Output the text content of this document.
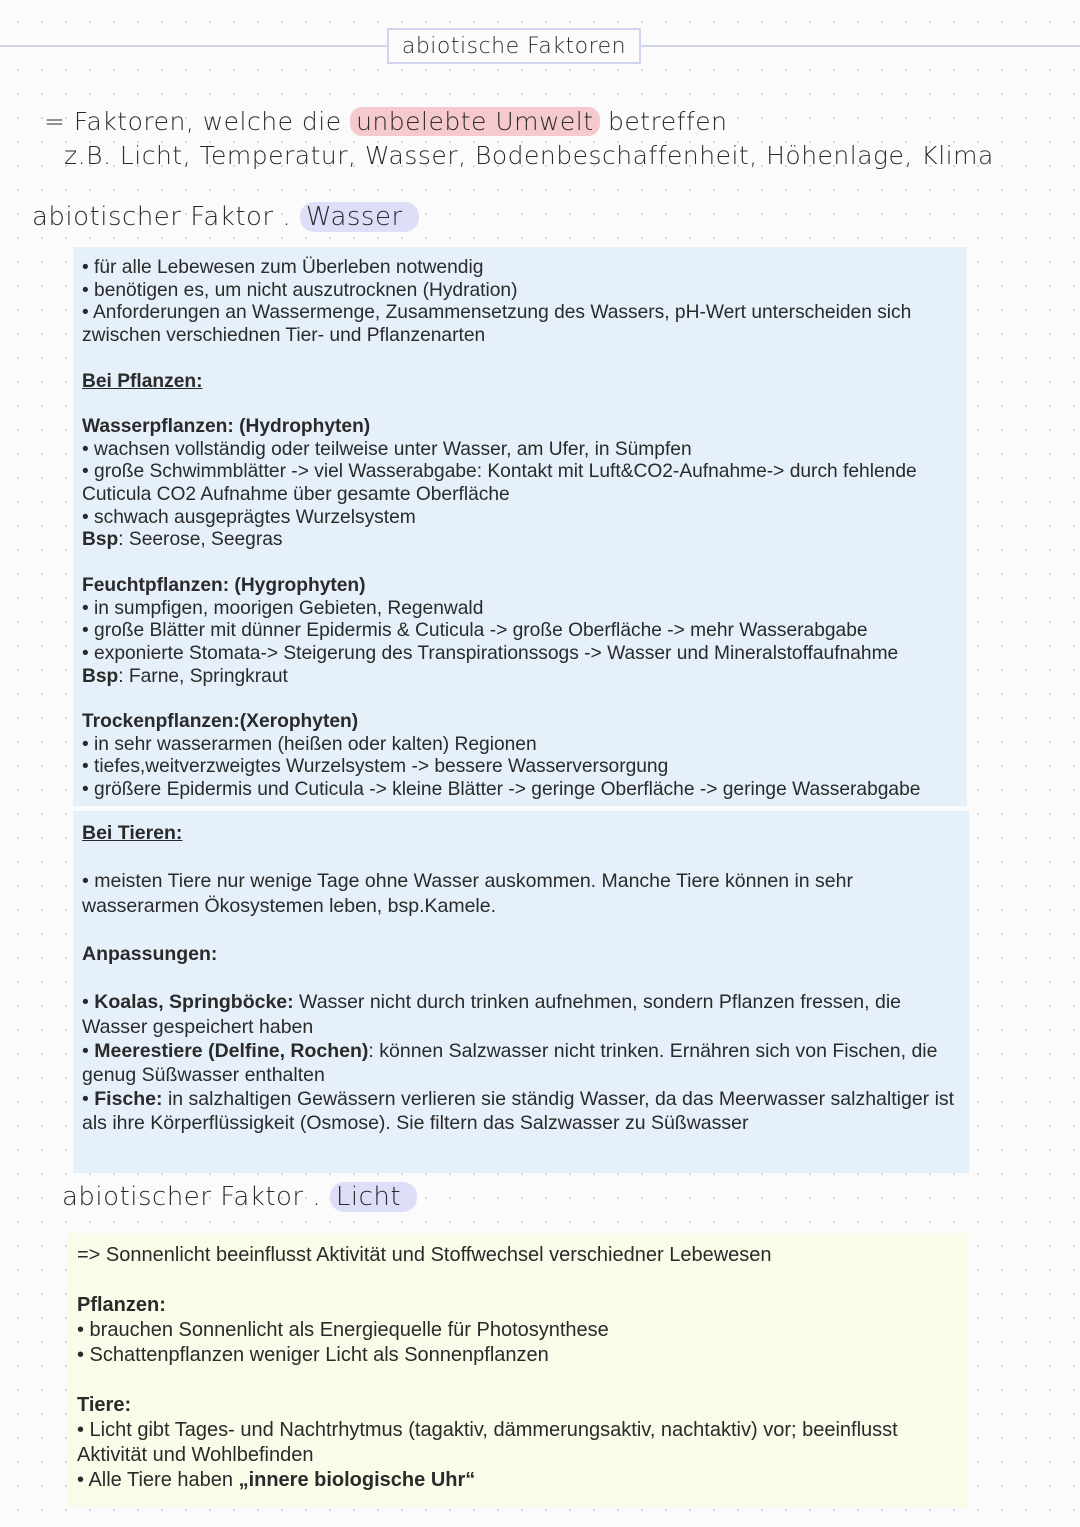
abiotische Faktoren
= Faktoren, welche die unbelebte Umwelt betreffen
z.B. Licht, Temperatur, Wasser, Bodenbeschaffenheit, Höhenlage, Klima
abiotischer Faktor . Wasser

• für alle Lebewesen zum Überleben notwendig

• benötigen es, um nicht auszutrocknen (Hydration)

• Anforderungen an Wassermenge, Zusammensetzung des Wassers, pH-Wert unterscheiden sich zwischen verschiednen Tier- und Pflanzenarten

Bei Pflanzen:

Wasserpflanzen: (Hydrophyten)

• wachsen vollständig oder teilweise unter Wasser, am Ufer, in Sümpfen

• große Schwimmblätter -> viel Wasserabgabe: Kontakt mit Luft&CO2-Aufnahme-> durch fehlende Cuticula CO2 Aufnahme über gesamte Oberfläche

• schwach ausgeprägtes Wurzelsystem

Bsp: Seerose, Seegras

Feuchtpflanzen: (Hygrophyten)

• in sumpfigen, moorigen Gebieten, Regenwald

• große Blätter mit dünner Epidermis & Cuticula -> große Oberfläche -> mehr Wasserabgabe

• exponierte Stomata-> Steigerung des Transpirationssogs -> Wasser und Mineralstoffaufnahme

Bsp: Farne, Springkraut

Trockenpflanzen:(Xerophyten)

• in sehr wasserarmen (heißen oder kalten) Regionen

• tiefes,weitverzweigtes Wurzelsystem -> bessere Wasserversorgung

• größere Epidermis und Cuticula -> kleine Blätter -> geringe Oberfläche -> geringe Wasserabgabe

Bei Tieren:

• meisten Tiere nur wenige Tage ohne Wasser auskommen. Manche Tiere können in sehr wasserarmen Ökosystemen leben, bsp.Kamele.

Anpassungen:

• Koalas, Springböcke: Wasser nicht durch trinken aufnehmen, sondern Pflanzen fressen, die Wasser gespeichert haben

• Meerestiere (Delfine, Rochen): können Salzwasser nicht trinken. Ernähren sich von Fischen, die genug Süßwasser enthalten

• Fische: in salzhaltigen Gewässern verlieren sie ständig Wasser, da das Meerwasser salzhaltiger ist als ihre Körperflüssigkeit (Osmose). Sie filtern das Salzwasser zu Süßwasser

abiotischer Faktor . Licht

=> Sonnenlicht beeinflusst Aktivität und Stoffwechsel verschiedner Lebewesen

Pflanzen:

• brauchen Sonnenlicht als Energiequelle für Photosynthese

• Schattenpflanzen weniger Licht als Sonnenpflanzen

Tiere:

• Licht gibt Tages- und Nachtrhytmus (tagaktiv, dämmerungsaktiv, nachtaktiv) vor; beeinflusst Aktivität und Wohlbefinden

• Alle Tiere haben „innere biologische Uhr“
